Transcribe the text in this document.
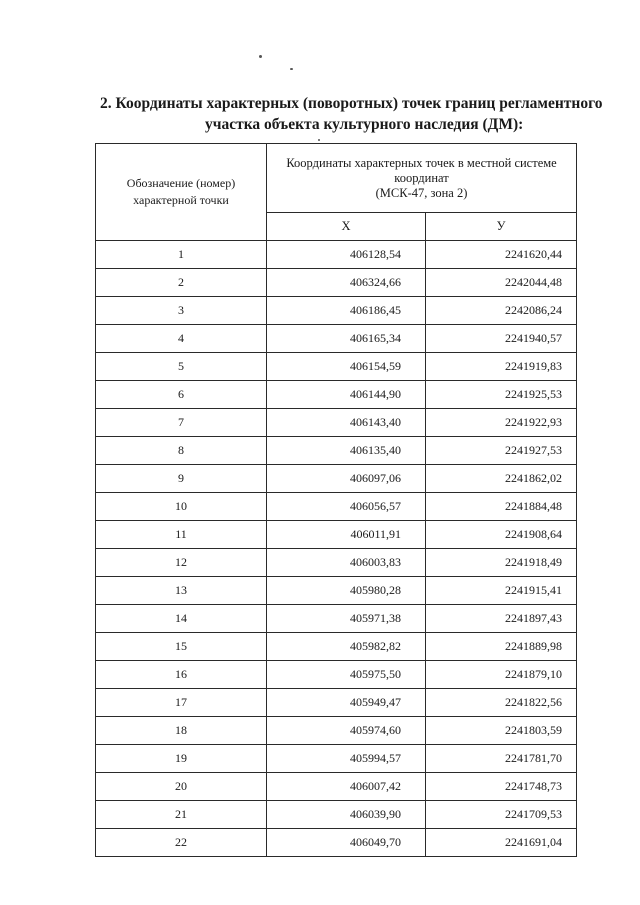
2. Координаты характерных (поворотных) точек границ регламентного
участка объекта культурного наследия (ДМ):
Обозначение (номер)
характерной точки	Координаты характерных точек в местной системе
координат
(МСК-47, зона 2)	
	X	У
1	406128,54	2241620,44
2	406324,66	2242044,48
3	406186,45	2242086,24
4	406165,34	2241940,57
5	406154,59	2241919,83
6	406144,90	2241925,53
7	406143,40	2241922,93
8	406135,40	2241927,53
9	406097,06	2241862,02
10	406056,57	2241884,48
11	406011,91	2241908,64
12	406003,83	2241918,49
13	405980,28	2241915,41
14	405971,38	2241897,43
15	405982,82	2241889,98
16	405975,50	2241879,10
17	405949,47	2241822,56
18	405974,60	2241803,59
19	405994,57	2241781,70
20	406007,42	2241748,73
21	406039,90	2241709,53
22	406049,70	2241691,04
